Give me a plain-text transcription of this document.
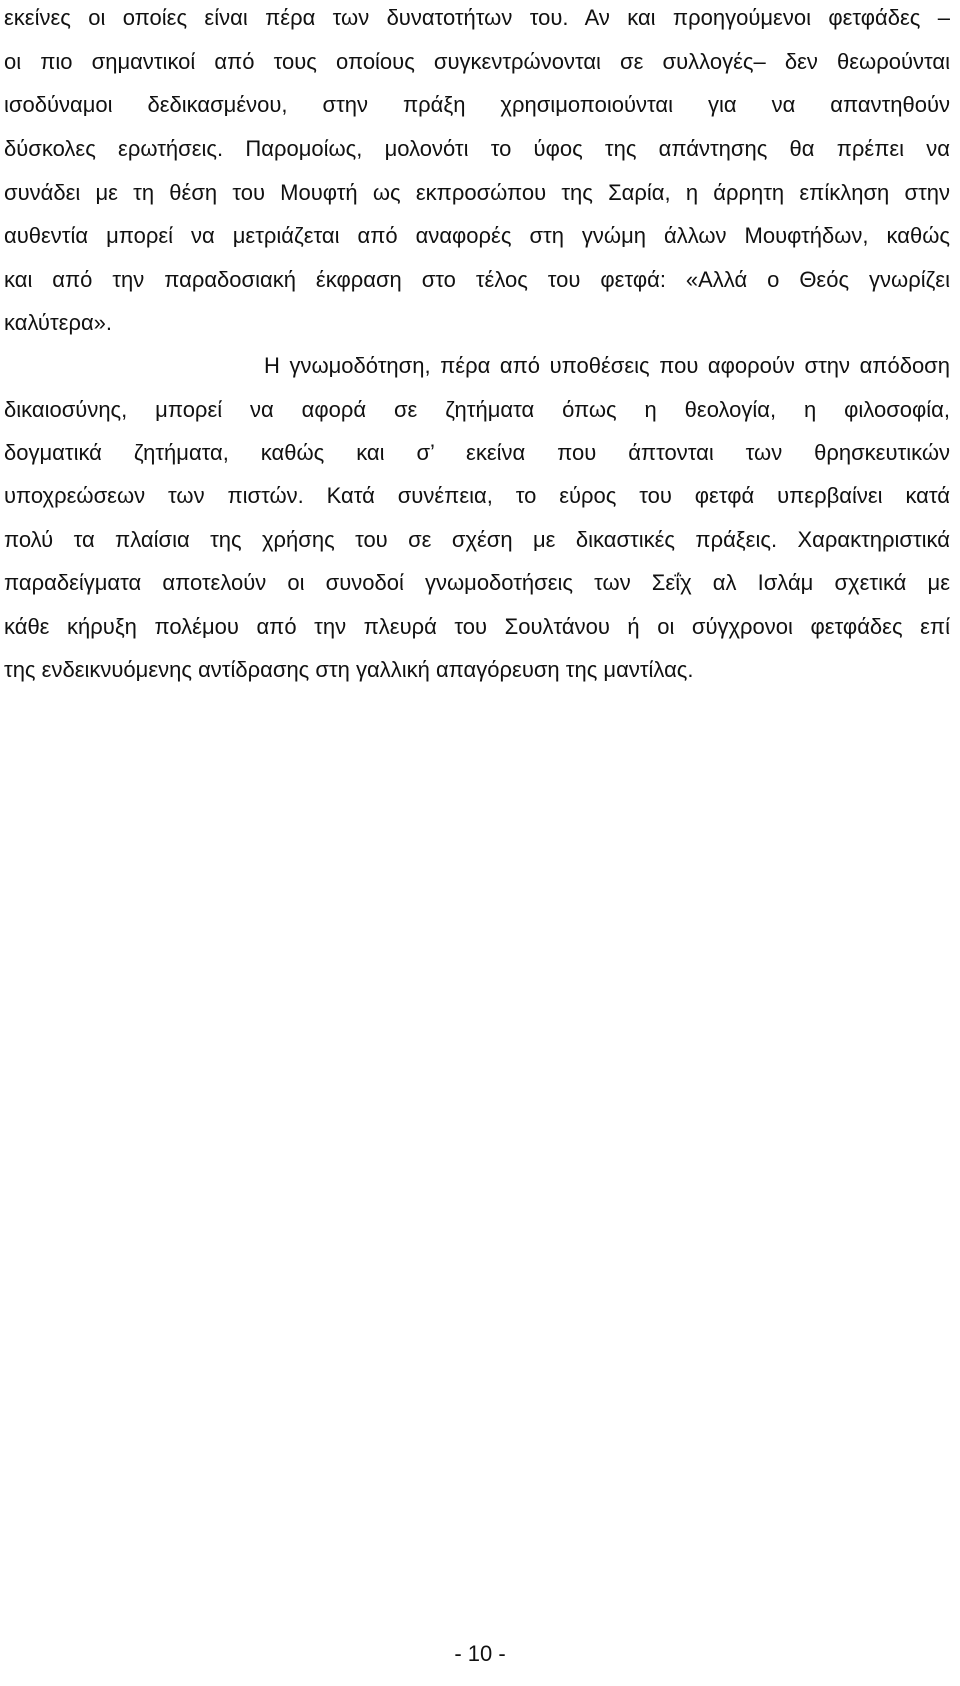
εκείνες οι οποίες είναι πέρα των δυνατοτήτων του. Αν και προηγούμενοι φετφάδες –
οι πιο σημαντικοί από τους οποίους συγκεντρώνονται σε συλλογές– δεν θεωρούνται
ισοδύναμοι δεδικασμένου, στην πράξη χρησιμοποιούνται για να απαντηθούν
δύσκολες ερωτήσεις. Παρομοίως, μολονότι το ύφος της απάντησης θα πρέπει να
συνάδει με τη θέση του Μουφτή ως εκπροσώπου της Σαρία, η άρρητη επίκληση στην
αυθεντία μπορεί να μετριάζεται από αναφορές στη γνώμη άλλων Μουφτήδων, καθώς
και από την παραδοσιακή έκφραση στο τέλος του φετφά: «Αλλά ο Θεός γνωρίζει
καλύτερα».
Η γνωμοδότηση, πέρα από υποθέσεις που αφορούν στην απόδοση
δικαιοσύνης, μπορεί να αφορά σε ζητήματα όπως η θεολογία, η φιλοσοφία,
δογματικά ζητήματα, καθώς και σ’ εκείνα που άπτονται των θρησκευτικών
υποχρεώσεων των πιστών. Κατά συνέπεια, το εύρος του φετφά υπερβαίνει κατά
πολύ τα πλαίσια της χρήσης του σε σχέση με δικαστικές πράξεις. Χαρακτηριστικά
παραδείγματα αποτελούν οι συνοδοί γνωμοδοτήσεις των Σεΐχ αλ Ισλάμ σχετικά με
κάθε κήρυξη πολέμου από την πλευρά του Σουλτάνου ή οι σύγχρονοι φετφάδες επί
της ενδεικνυόμενης αντίδρασης στη γαλλική απαγόρευση της μαντίλας.
- 10 -
